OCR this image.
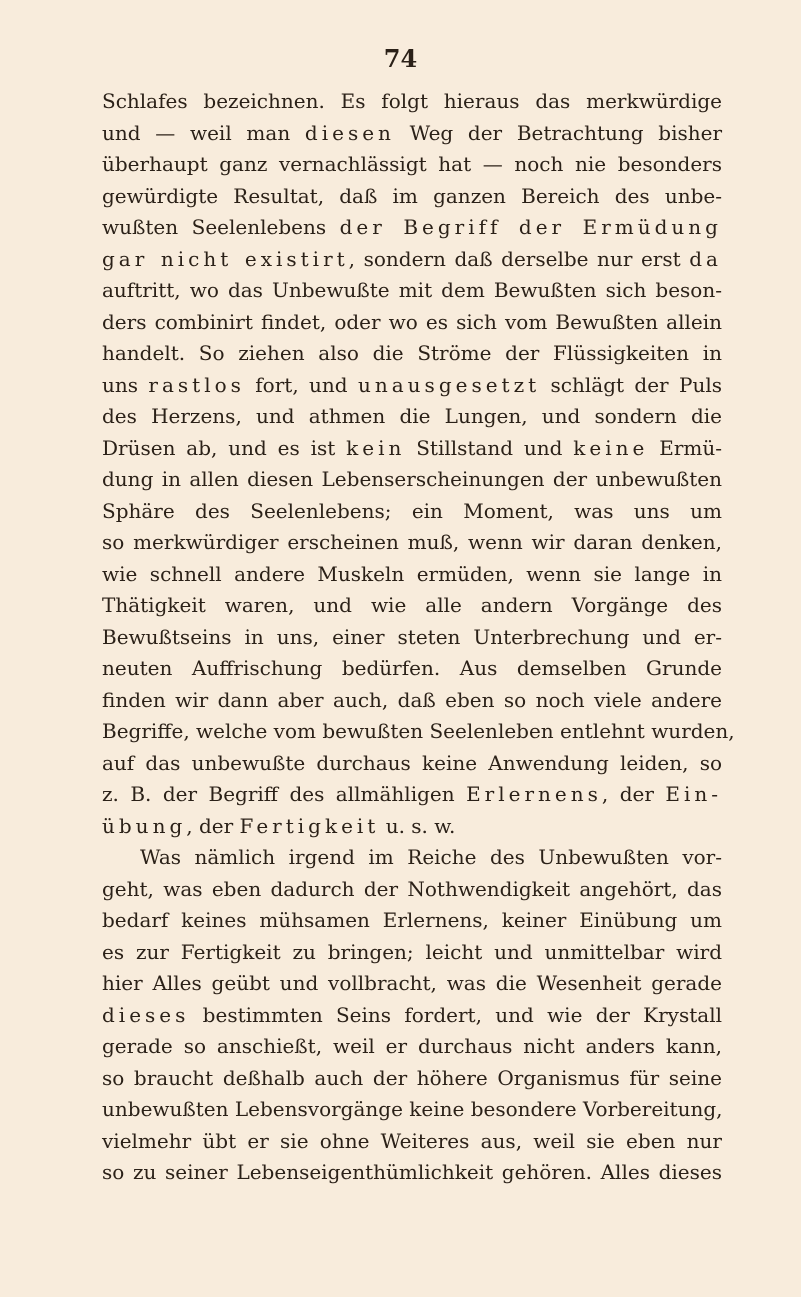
74
Schlafes bezeichnen. Es folgt hieraus das merkwürdige
und — weil man diesen Weg der Betrachtung bisher
überhaupt ganz vernachlässigt hat — noch nie besonders
gewürdigte Resultat, daß im ganzen Bereich des unbe-
wußten Seelenlebens der Begriff der Ermüdung
gar nicht existirt, sondern daß derselbe nur erst da
auftritt, wo das Unbewußte mit dem Bewußten sich beson-
ders combinirt findet, oder wo es sich vom Bewußten allein
handelt. So ziehen also die Ströme der Flüssigkeiten in
uns rastlos fort, und unausgesetzt schlägt der Puls
des Herzens, und athmen die Lungen, und sondern die
Drüsen ab, und es ist kein Stillstand und keine Ermü-
dung in allen diesen Lebenserscheinungen der unbewußten
Sphäre des Seelenlebens; ein Moment, was uns um
so merkwürdiger erscheinen muß, wenn wir daran denken,
wie schnell andere Muskeln ermüden, wenn sie lange in
Thätigkeit waren, und wie alle andern Vorgänge des
Bewußtseins in uns, einer steten Unterbrechung und er-
neuten Auffrischung bedürfen. Aus demselben Grunde
finden wir dann aber auch, daß eben so noch viele andere
Begriffe, welche vom bewußten Seelenleben entlehnt wurden,
auf das unbewußte durchaus keine Anwendung leiden, so
z. B. der Begriff des allmähligen Erlernens, der Ein-
übung, der Fertigkeit u. s. w.
Was nämlich irgend im Reiche des Unbewußten vor-
geht, was eben dadurch der Nothwendigkeit angehört, das
bedarf keines mühsamen Erlernens, keiner Einübung um
es zur Fertigkeit zu bringen; leicht und unmittelbar wird
hier Alles geübt und vollbracht, was die Wesenheit gerade
dieses bestimmten Seins fordert, und wie der Krystall
gerade so anschießt, weil er durchaus nicht anders kann,
so braucht deßhalb auch der höhere Organismus für seine
unbewußten Lebensvorgänge keine besondere Vorbereitung,
vielmehr übt er sie ohne Weiteres aus, weil sie eben nur
so zu seiner Lebenseigenthümlichkeit gehören. Alles dieses
